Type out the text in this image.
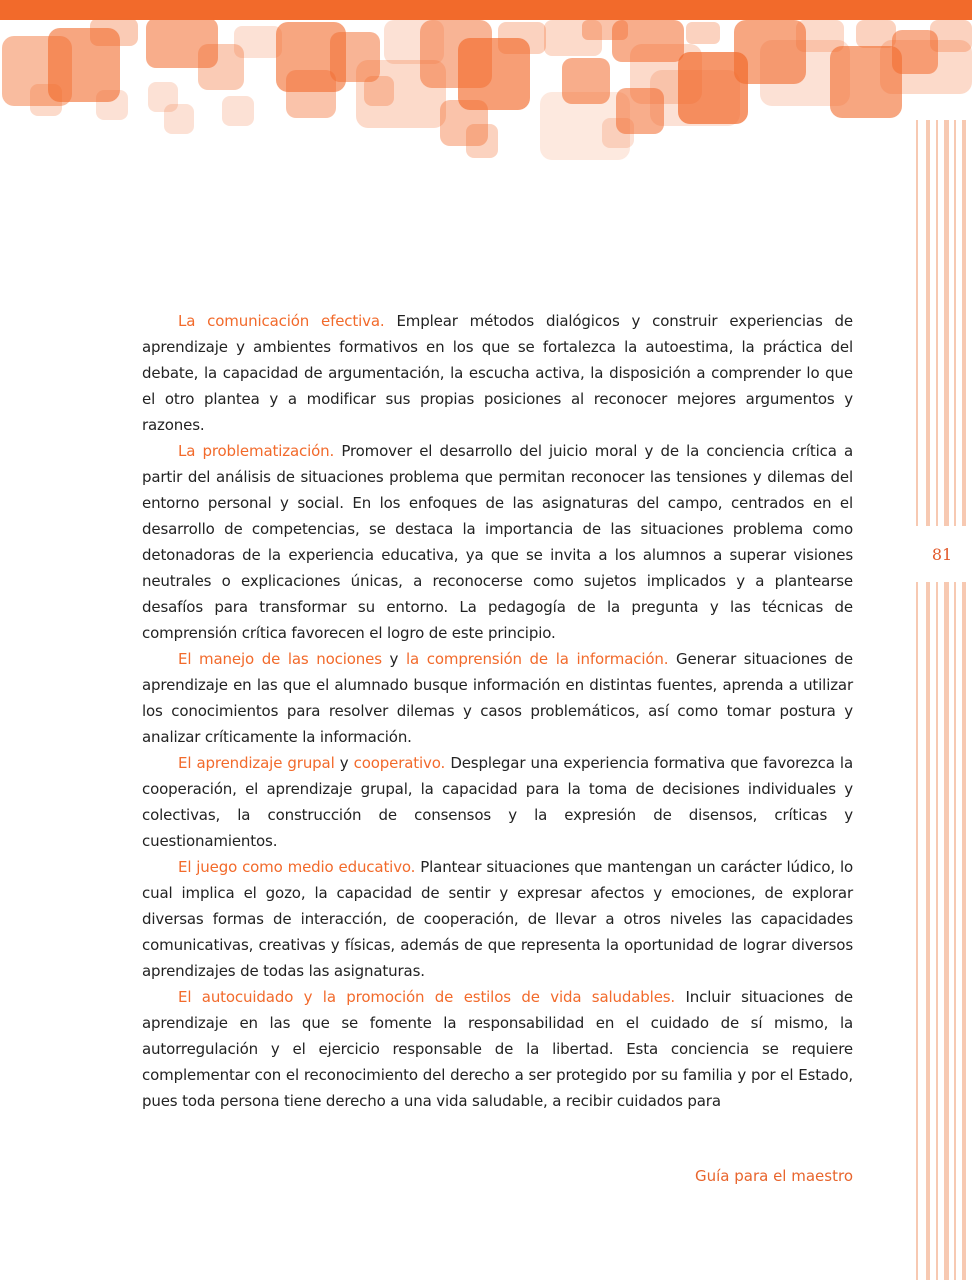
81

La comunicación efectiva. Emplear métodos dialógicos y construir experiencias de aprendizaje y ambientes formativos en los que se fortalezca la autoestima, la práctica del debate, la capacidad de argumentación, la escucha activa, la disposición a comprender lo que el otro plantea y a modificar sus propias posiciones al reconocer mejores argumentos y razones.

La problematización. Promover el desarrollo del juicio moral y de la conciencia crítica a partir del análisis de situaciones problema que permitan reconocer las tensiones y dilemas del entorno personal y social. En los enfoques de las asignaturas del campo, centrados en el desarrollo de competencias, se destaca la importancia de las situaciones problema como detonadoras de la experiencia educativa, ya que se invita a los alumnos a superar visiones neutrales o explicaciones únicas, a reconocerse como sujetos implicados y a plantearse desafíos para transformar su entorno. La pedagogía de la pregunta y las técnicas de comprensión crítica favorecen el logro de este principio.

El manejo de las nociones y la comprensión de la información. Generar situaciones de aprendizaje en las que el alumnado busque información en distintas fuentes, aprenda a utilizar los conocimientos para resolver dilemas y casos problemáticos, así como tomar postura y analizar críticamente la información.

El aprendizaje grupal y cooperativo. Desplegar una experiencia formativa que favorezca la cooperación, el aprendizaje grupal, la capacidad para la toma de decisiones individuales y colectivas, la construcción de consensos y la expresión de disensos, críticas y cuestionamientos.

El juego como medio educativo. Plantear situaciones que mantengan un carácter lúdico, lo cual implica el gozo, la capacidad de sentir y expresar afectos y emociones, de explorar diversas formas de interacción, de cooperación, de llevar a otros niveles las capacidades comunicativas, creativas y físicas, además de que representa la oportunidad de lograr diversos aprendizajes de todas las asignaturas.

El autocuidado y la promoción de estilos de vida saludables. Incluir situaciones de aprendizaje en las que se fomente la responsabilidad en el cuidado de sí mismo, la autorregulación y el ejercicio responsable de la libertad. Esta conciencia se requiere complementar con el reconocimiento del derecho a ser protegido por su familia y por el Estado, pues toda persona tiene derecho a una vida saludable, a recibir cuidados para

Guía para el maestro
